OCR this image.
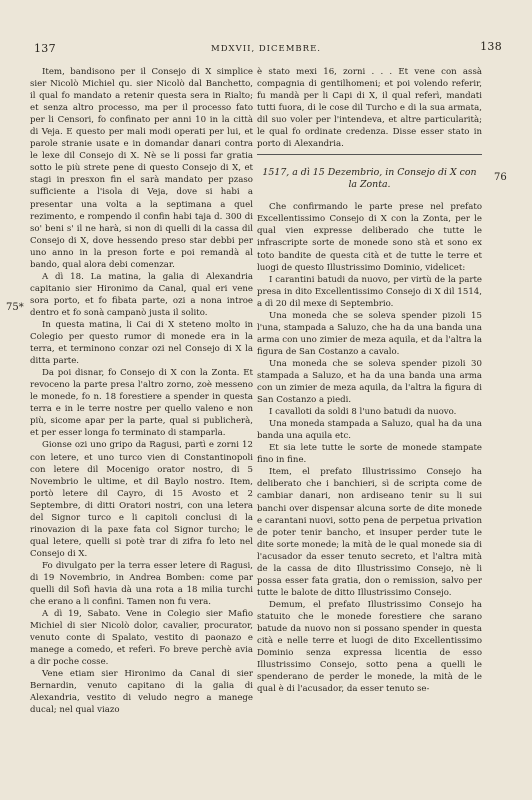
137	MDXVII, DICEMBRE.	138
75*
76

Item, bandisono per il Consejo di X simplice sier Nicolò Michiel qu. sier Nicolò dal Banchetto, il qual fo mandato a retenir questa sera in Rialto; et senza altro processo, ma per il processo fato per li Censori, fo confinato per anni 10 in la città di Veja. E questo per mali modi operati per lui, et parole stranie usate e in domandar danari contra le lexe dil Consejo di X. Nè se li possi far gratia sotto le più strete pene di questo Consejo di X, et stagi in presxon fin el sarà mandato per pzaso sufficiente a l'isola di Veja, dove si habi a presentar una volta a la septimana a quel rezimento, e rompendo il confin habi taja d. 300 di so' beni s' il ne harà, si non di quelli di la cassa dil Consejo di X, dove hessendo preso star debbi per uno anno in la preson forte e poi remandà al bando, qual alora debi comenzar.

A dì 18. La matina, la galia di Alexandria capitanio sier Hironimo da Canal, qual eri vene sora porto, et fo fibata parte, ozi a nona introe dentro et fo sonà campanò justa il solito.

In questa matina, li Cai di X steteno molto in Colegio per questo rumor di monede era in la terra, et terminono conzar ozi nel Consejo di X la ditta parte.

Da poi disnar, fo Consejo di X con la Zonta. Et revoceno la parte presa l'altro zorno, zoè messeno le monede, fo n. 18 forestiere a spender in questa terra e in le terre nostre per quello valeno e non più, sicome apar per la parte, qual si publicherà, et per esser longa fo terminato di stamparla.

Gionse ozi uno gripo da Ragusi, partì e zorni 12 con letere, et uno turco vien di Constantinopoli con letere dil Mocenigo orator nostro, di 5 Novembrio le ultime, et dil Baylo nostro. Item, portò letere dil Cayro, di 15 Avosto et 2 Septembre, di ditti Oratori nostri, con una letera del Signor turco e li capitoli conclusi di la rinovazion di la paxe fata col Signor turcho; le qual letere, quelli si potè trar di zifra fo leto nel Consejo di X.

Fo divulgato per la terra esser letere di Ragusi, di 19 Novembrio, in Andrea Bomben: come par quelli dil Sofì havia dà una rota a 18 milia turchi che erano a li confini. Tamen non fu vera.

A dì 19, Sabato. Vene in Colegio sier Mafio Michiel di sier Nicolò dolor, cavalier, procurator, venuto conte di Spalato, vestito di paonazo e manege a comedo, et referì. Fo breve perchè avia a dir poche cosse.

Vene etiam sier Hironimo da Canal di sier Bernardin, venuto capitano di la galia di Alexandria, vestito di veludo negro a manege ducal; nel qual viazo

è stato mexi 16, zorni . . . Et vene con assà compagnia di gentilhomeni; et poi volendo referir, fu mandà per li Capi di X, il qual referì, mandati tutti fuora, di le cose dil Turcho e di la sua armata, dil suo voler per l'intendeva, et altre particularità; le qual fo ordinate credenza. Disse esser stato in porto di Alexandria.

1517, a dì 15 Dezembrio, in Consejo di X con la Zonta.

Che confirmando le parte prese nel prefato Excellentissimo Consejo di X con la Zonta, per le qual vien expresse deliberado che tutte le infrascripte sorte de monede sono stà et sono ex toto bandite de questa cità et de tutte le terre et luogi de questo Illustrissimo Dominio, videlicet:

I carantini batudi da nuovo, per virtù de la parte presa in dito Excellentissimo Consejo di X dil 1514, a dì 20 dil mexe di Septembrio.

Una moneda che se soleva spender pizoli 15 l'una, stampada a Saluzo, che ha da una banda una arma con uno zimier de meza aquila, et da l'altra la figura de San Costanzo a cavalo.

Una moneda che se soleva spender pizoli 30 stampada a Saluzo, et ha da una banda una arma con un zimier de meza aquila, da l'altra la figura di San Costanzo a piedi.

I cavalloti da soldi 8 l'uno batudi da nuovo.

Una moneda stampada a Saluzo, qual ha da una banda una aquila etc.

Et sia lete tutte le sorte de monede stampate fino in fine.

Item, el prefato Illustrissimo Consejo ha deliberato che i banchieri, sì de scripta come de cambiar danari, non ardiseano tenir su li sui banchi over dispensar alcuna sorte de dite monede e carantani nuovi, sotto pena de perpetua privation de poter tenir bancho, et insuper perder tute le dite sorte monede; la mità de le qual monede sia di l'acusador da esser tenuto secreto, et l'altra mità de la cassa de dito Illustrissimo Consejo, nè li possa esser fata gratia, don o remission, salvo per tutte le balote de ditto Illustrissimo Consejo.

Demum, el prefato Illustrissimo Consejo ha statuito che le monede forestiere che sarano batude da nuovo non si possano spender in questa cità e nelle terre et luogi de dito Excellentissimo Dominio senza expressa licentia de esso Illustrissimo Consejo, sotto pena a quelli le spenderano de perder le monede, la mità de le qual è di l'acusador, da esser tenuto se-
